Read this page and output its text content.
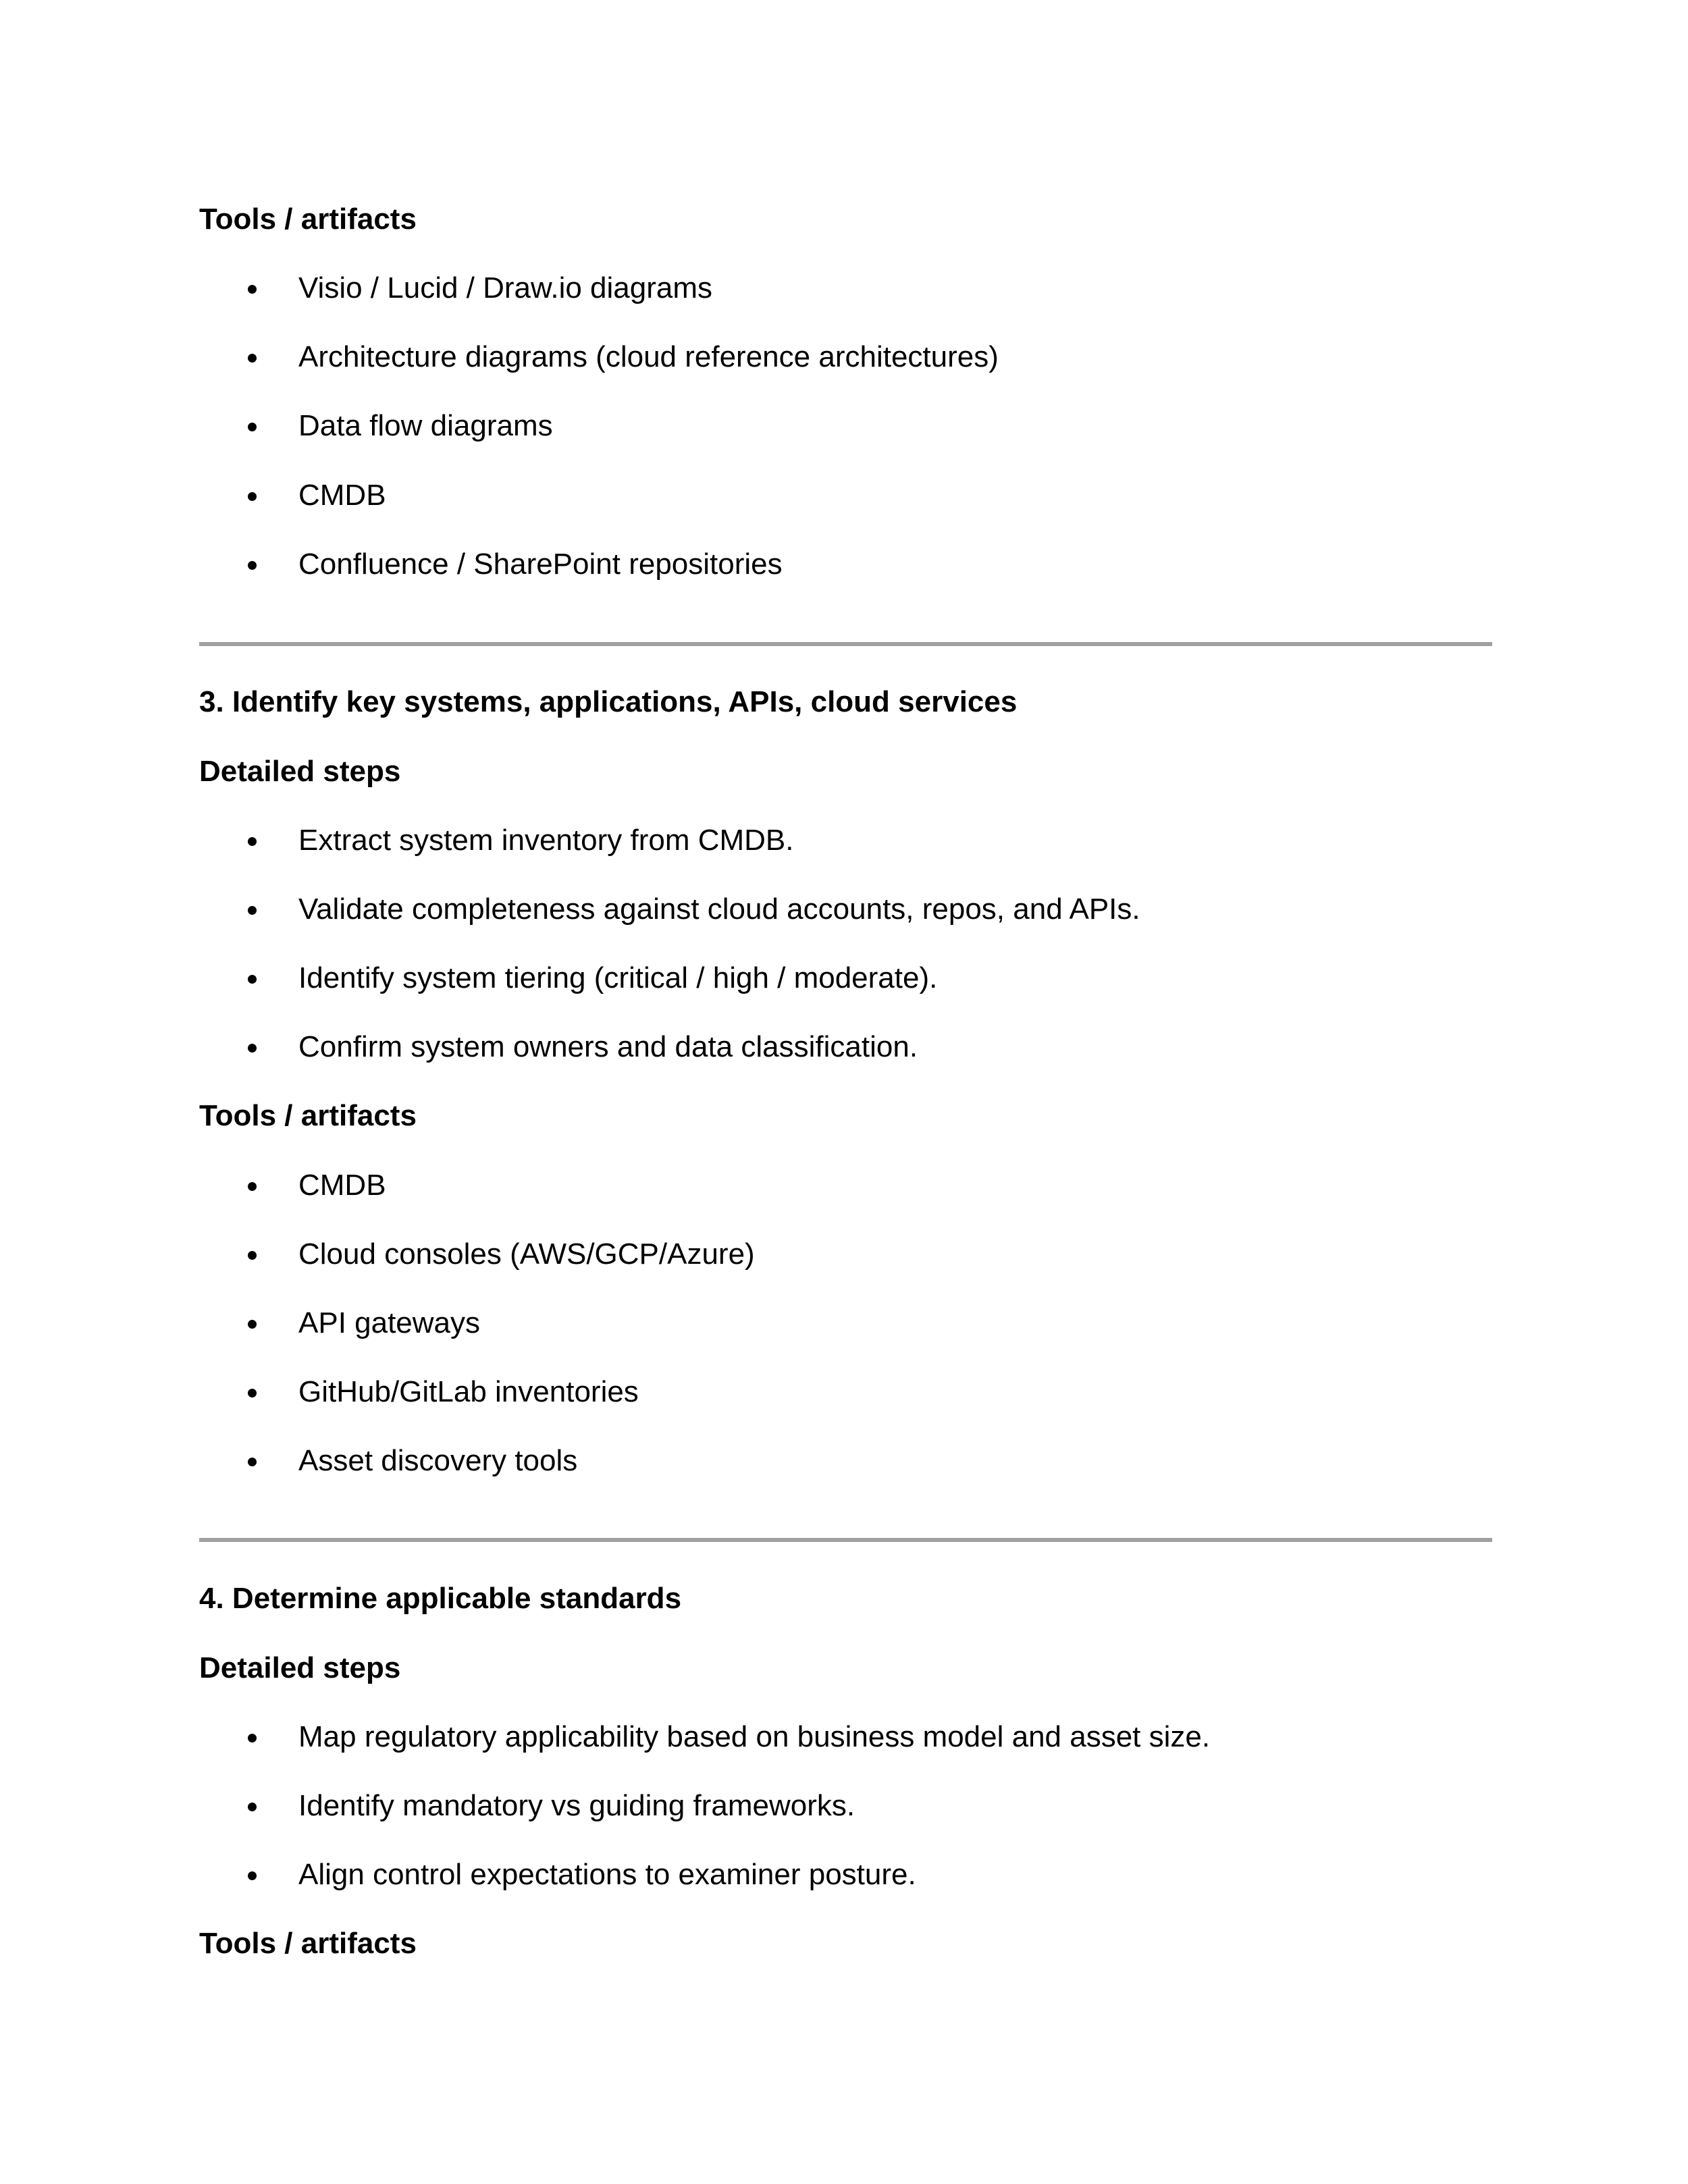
Tools / artifacts
Visio / Lucid / Draw.io diagrams
Architecture diagrams (cloud reference architectures)
Data flow diagrams
CMDB
Confluence / SharePoint repositories
3. Identify key systems, applications, APIs, cloud services
Detailed steps
Extract system inventory from CMDB.
Validate completeness against cloud accounts, repos, and APIs.
Identify system tiering (critical / high / moderate).
Confirm system owners and data classification.
Tools / artifacts
CMDB
Cloud consoles (AWS/GCP/Azure)
API gateways
GitHub/GitLab inventories
Asset discovery tools
4. Determine applicable standards
Detailed steps
Map regulatory applicability based on business model and asset size.
Identify mandatory vs guiding frameworks.
Align control expectations to examiner posture.
Tools / artifacts
